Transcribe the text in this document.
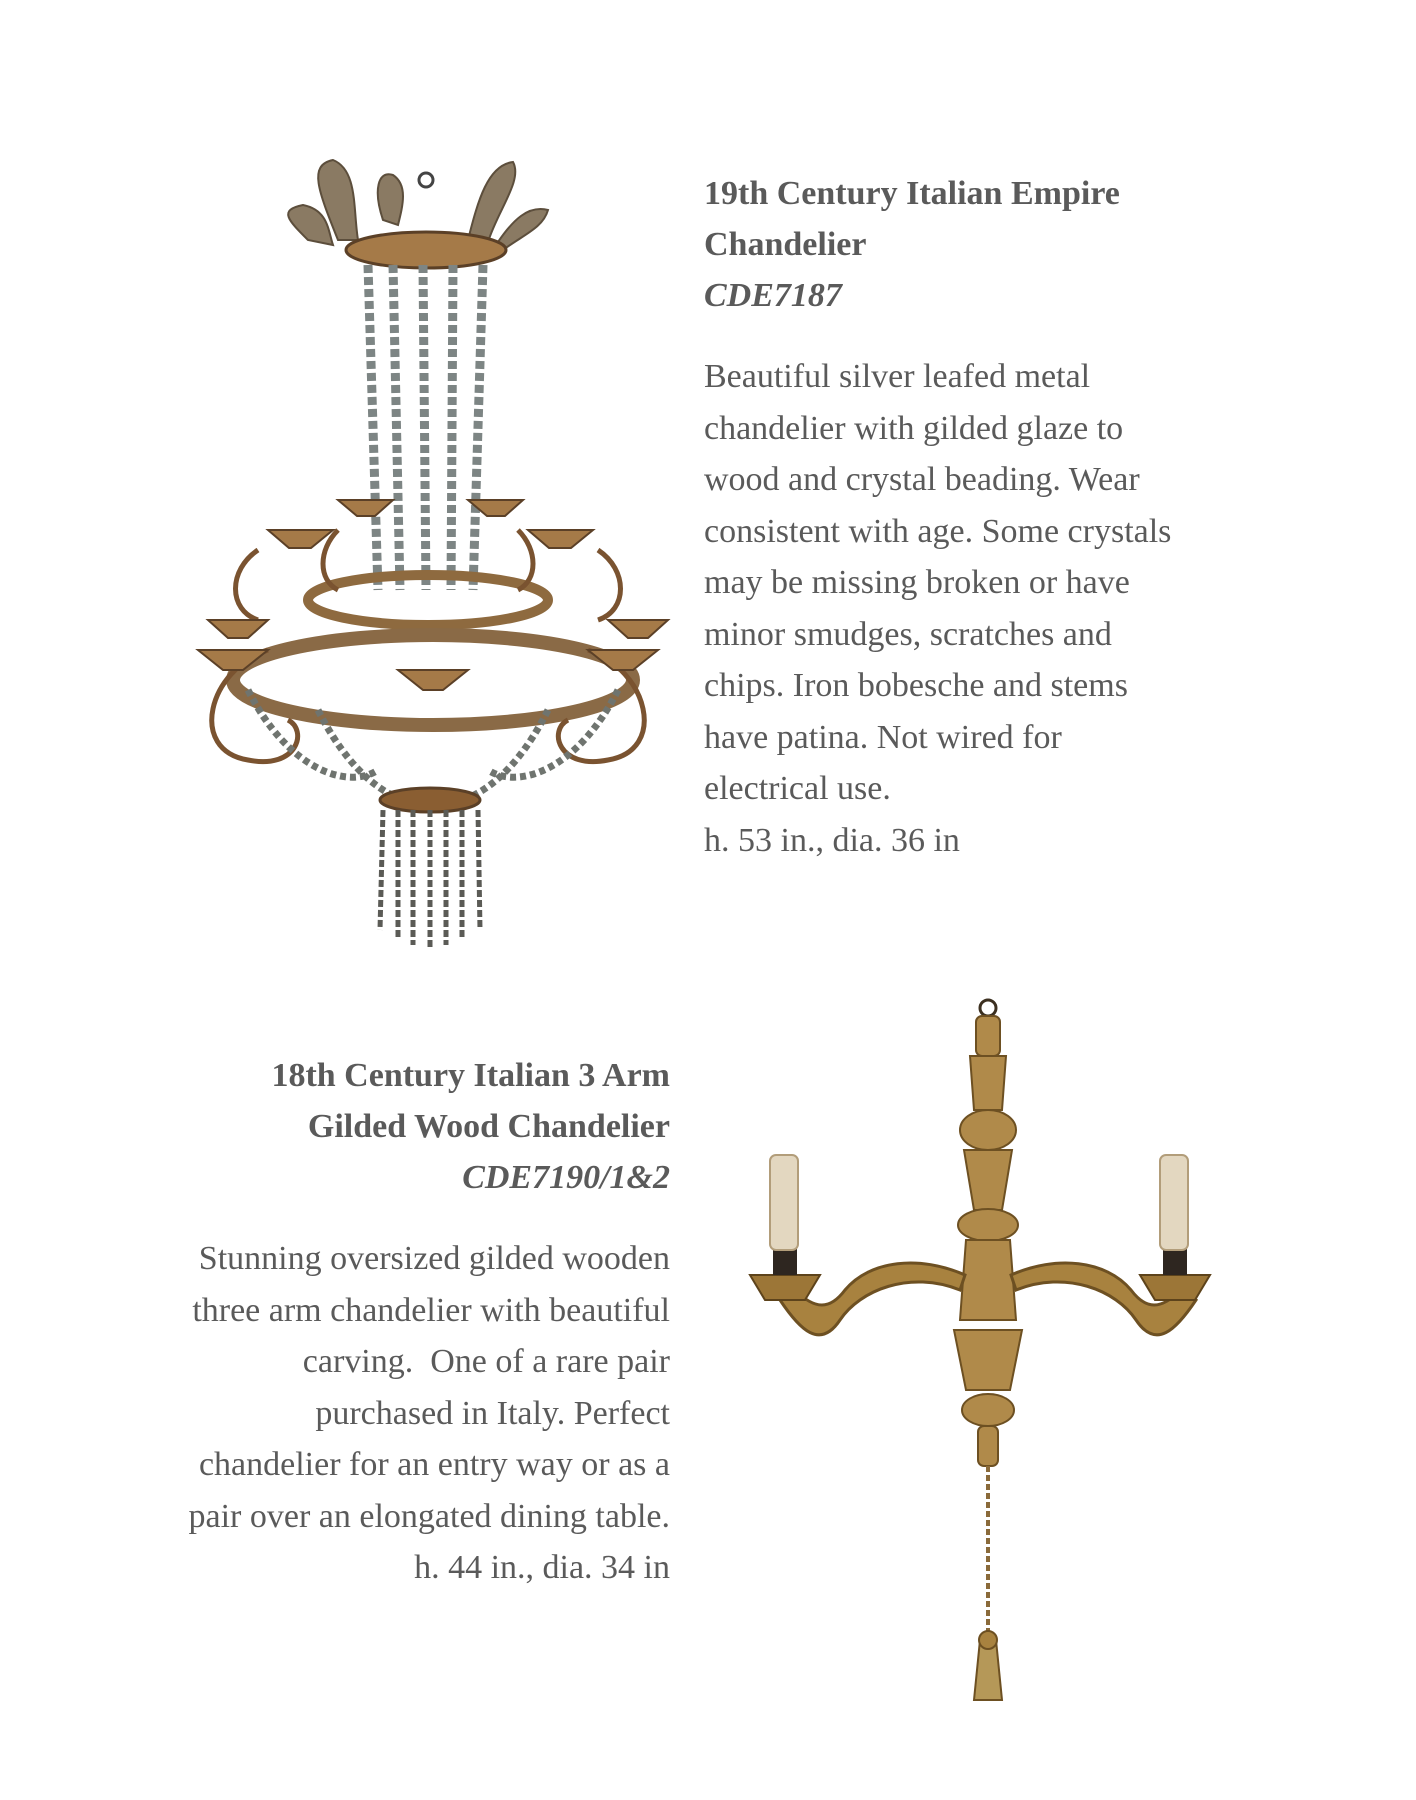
19th Century Italian Empire
Chandelier
CDE7187
Beautiful silver leafed metal
chandelier with gilded glaze to
wood and crystal beading. Wear
consistent with age. Some crystals
may be missing broken or have
minor smudges, scratches and
chips. Iron bobesche and stems
have patina. Not wired for
electrical use.
h. 53 in., dia. 36 in
18th Century Italian 3 Arm
Gilded Wood Chandelier
CDE7190/1&2
Stunning oversized gilded wooden
three arm chandelier with beautiful
carving.  One of a rare pair
purchased in Italy. Perfect
chandelier for an entry way or as a
pair over an elongated dining table.
h. 44 in., dia. 34 in
